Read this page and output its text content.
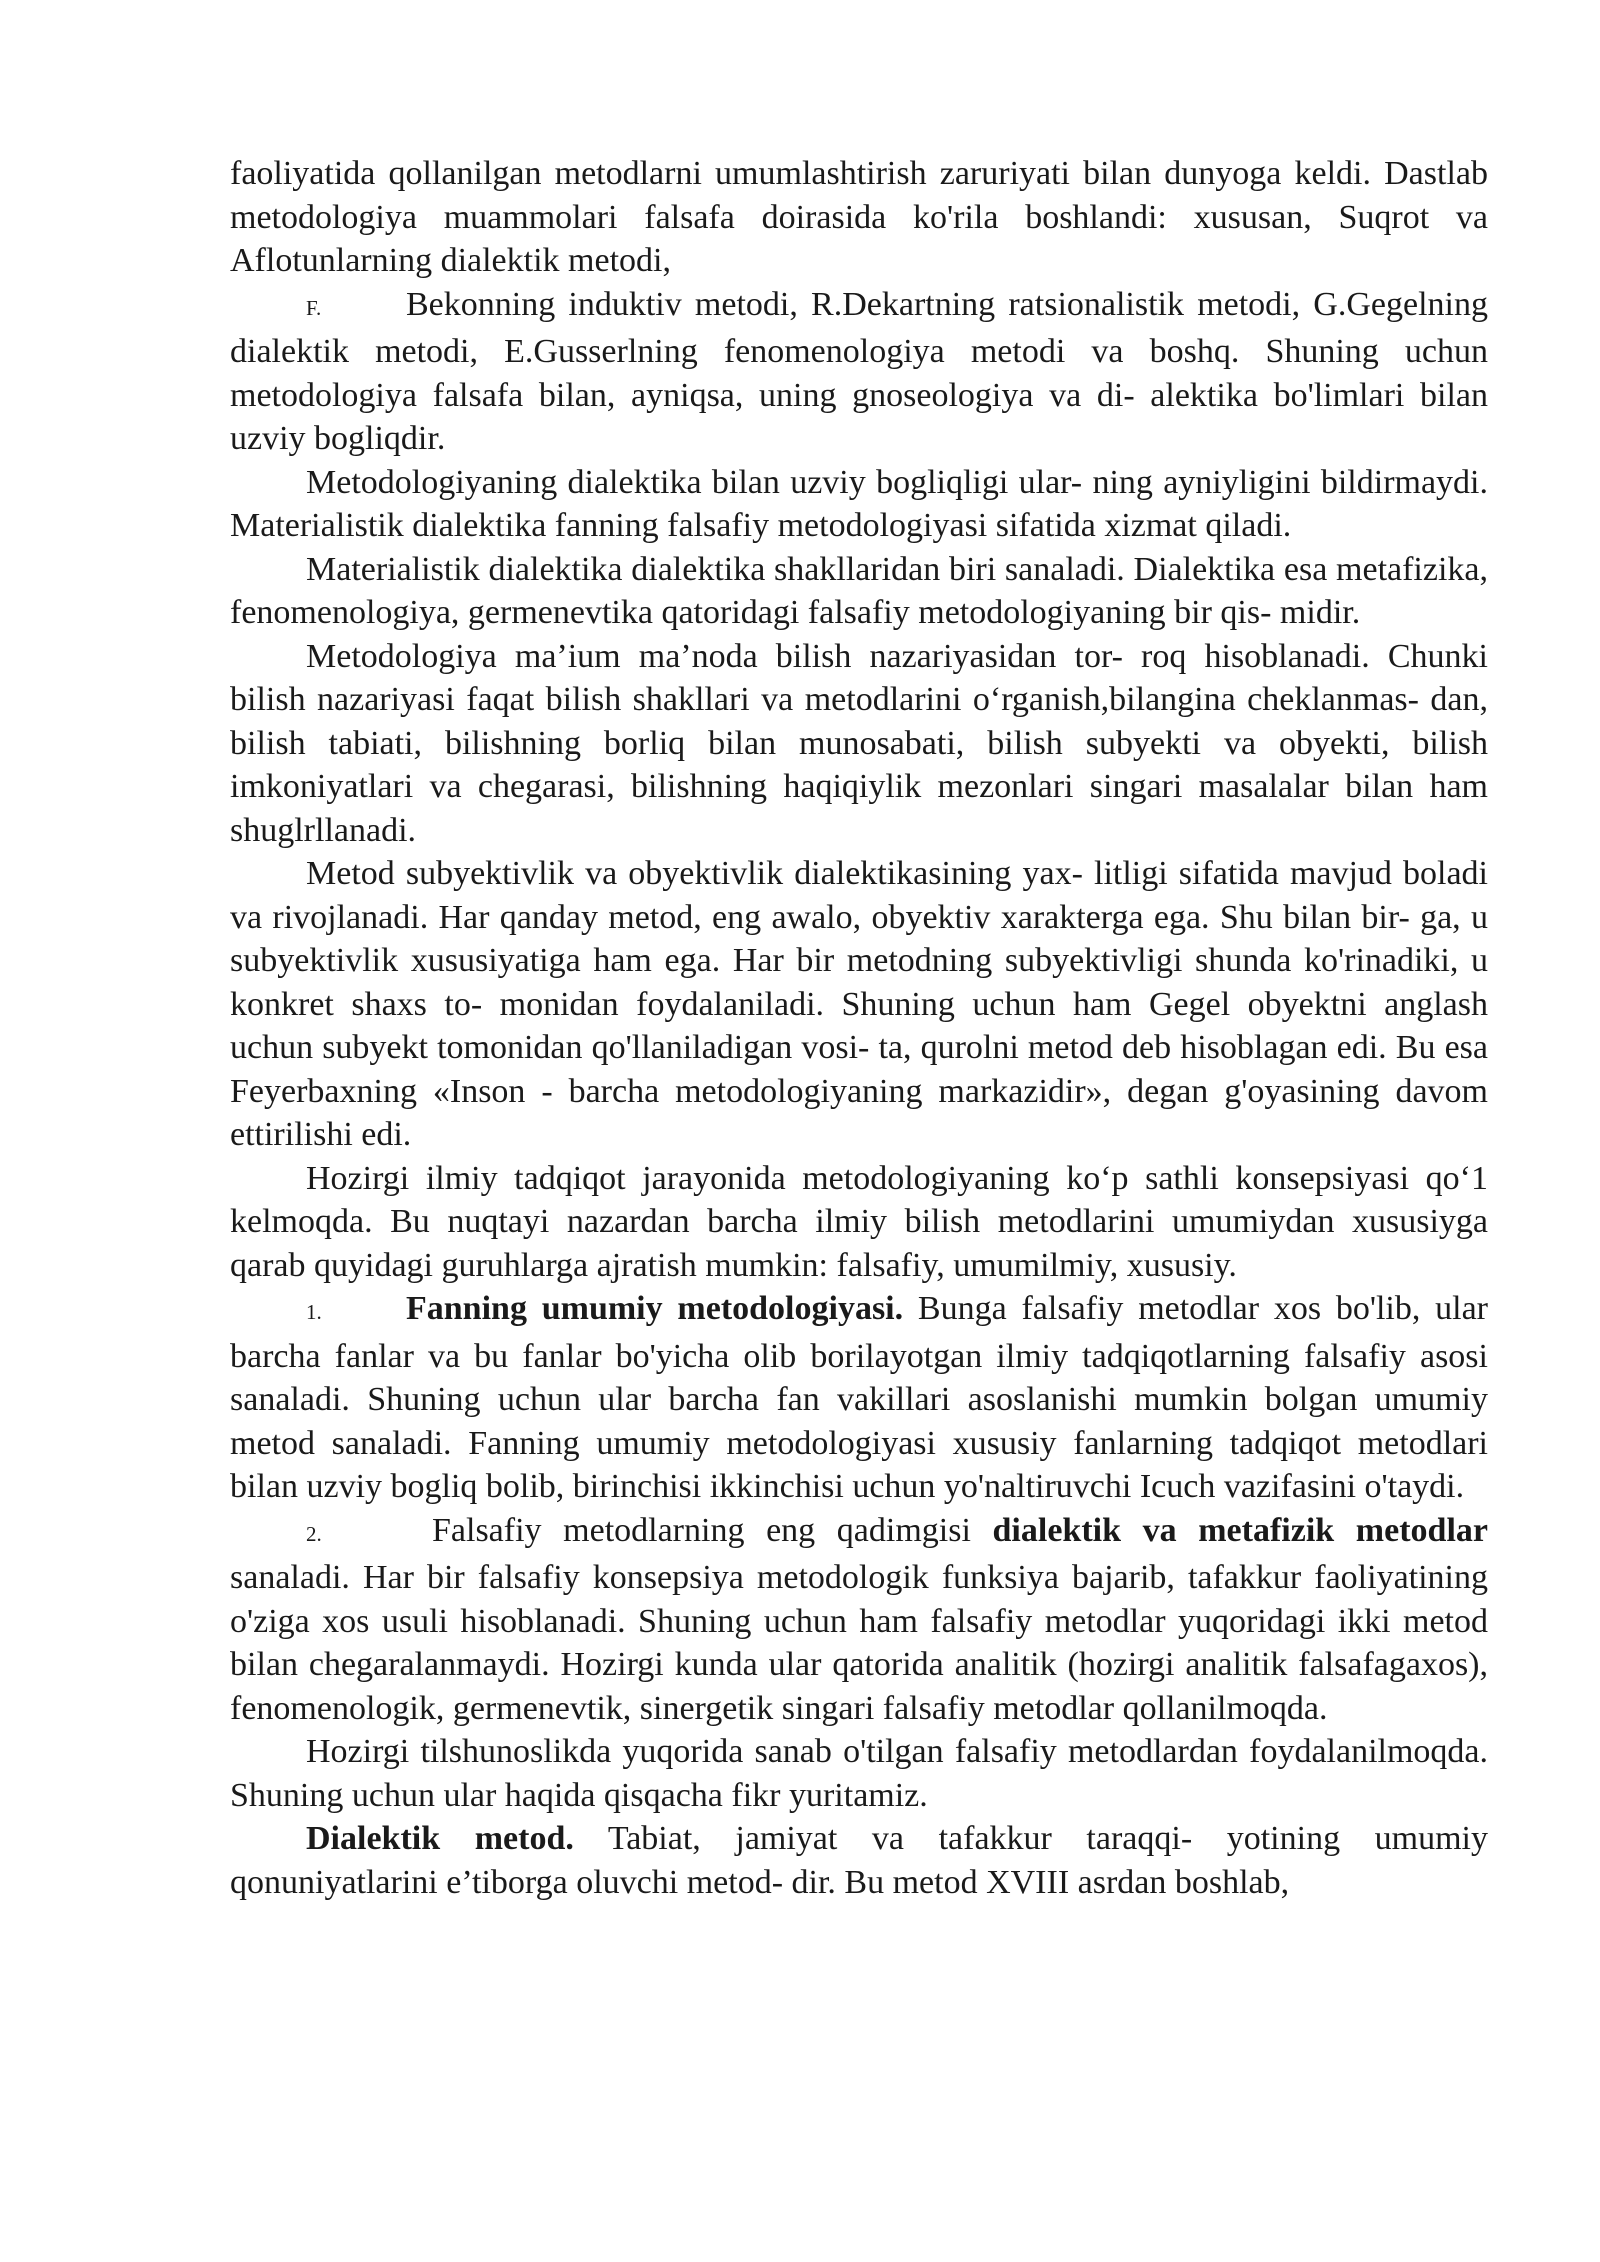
faoliyatida qollanilgan metodlarni umumlashtirish zaruriyati bilan dunyoga keldi. Dastlab metodologiya muammolari falsafa doirasida ko'rila boshlandi: xususan, Suqrot va Aflotunlarning dialektik metodi,

F. Bekonning induktiv metodi, R.Dekartning ratsionalistik metodi, G.Gegelning dialektik metodi, E.Gusserlning fenomenologiya metodi va boshq. Shuning uchun metodologiya falsafa bilan, ayniqsa, uning gnoseologiya va di- alektika bo'limlari bilan uzviy bogliqdir.

Metodologiyaning dialektika bilan uzviy bogliqligi ular- ning ayniyligini bildirmaydi. Materialistik dialektika fanning falsafiy metodologiyasi sifatida xizmat qiladi.

Materialistik dialektika dialektika shakllaridan biri sanaladi. Dialektika esa metafizika, fenomenologiya, germenevtika qatoridagi falsafiy metodologiyaning bir qis- midir.

Metodologiya ma’ium ma’noda bilish nazariyasidan tor- roq hisoblanadi. Chunki bilish nazariyasi faqat bilish shakllari va metodlarini o‘rganish,bilangina cheklanmas- dan, bilish tabiati, bilishning borliq bilan munosabati, bilish subyekti va obyekti, bilish imkoniyatlari va chegarasi, bilishning haqiqiylik mezonlari singari masalalar bilan ham shuglrllanadi.

Metod subyektivlik va obyektivlik dialektikasining yax- litligi sifatida mavjud boladi va rivojlanadi. Har qanday metod, eng awalo, obyektiv xarakterga ega. Shu bilan bir- ga, u subyektivlik xususiyatiga ham ega. Har bir metodning subyektivligi shunda ko'rinadiki, u konkret shaxs to- monidan foydalaniladi. Shuning uchun ham Gegel obyektni anglash uchun subyekt tomonidan qo'llaniladigan vosi- ta, qurolni metod deb hisoblagan edi. Bu esa Feyerbaxning «Inson - barcha metodologiyaning markazidir», degan g'oyasining davom ettirilishi edi.

Hozirgi ilmiy tadqiqot jarayonida metodologiyaning ko‘p sathli konsepsiyasi qo‘1 kelmoqda. Bu nuqtayi nazardan barcha ilmiy bilish metodlarini umumiydan xususiyga qarab quyidagi guruhlarga ajratish mumkin: falsafiy, umumilmiy, xususiy.

1. Fanning umumiy metodologiyasi. Bunga falsafiy metodlar xos bo'lib, ular barcha fanlar va bu fanlar bo'yicha olib borilayotgan ilmiy tadqiqotlarning falsafiy asosi sanaladi. Shuning uchun ular barcha fan vakillari asoslanishi mumkin bolgan umumiy metod sanaladi. Fanning umumiy metodologiyasi xususiy fanlarning tadqiqot metodlari bilan uzviy bogliq bolib, birinchisi ikkinchisi uchun yo'naltiruvchi Icuch vazifasini o'taydi.

2.	Falsafiy metodlarning eng qadimgisi dialektik va metafizik metodlar sanaladi. Har bir falsafiy konsepsiya metodologik funksiya bajarib, tafakkur faoliyatining o'ziga xos usuli hisoblanadi. Shuning uchun ham falsafiy metodlar yuqoridagi ikki metod bilan chegaralanmaydi. Hozirgi kunda ular qatorida analitik (hozirgi analitik falsafagaxos), fenomenologik, germenevtik, sinergetik singari falsafiy metodlar qollanilmoqda.

Hozirgi tilshunoslikda yuqorida sanab o'tilgan falsafiy metodlardan foydalanilmoqda. Shuning uchun ular haqida qisqacha fikr yuritamiz.

Dialektik metod. Tabiat, jamiyat va tafakkur taraqqi- yotining umumiy qonuniyatlarini e’tiborga oluvchi metod- dir. Bu metod XVIII asrdan boshlab,
